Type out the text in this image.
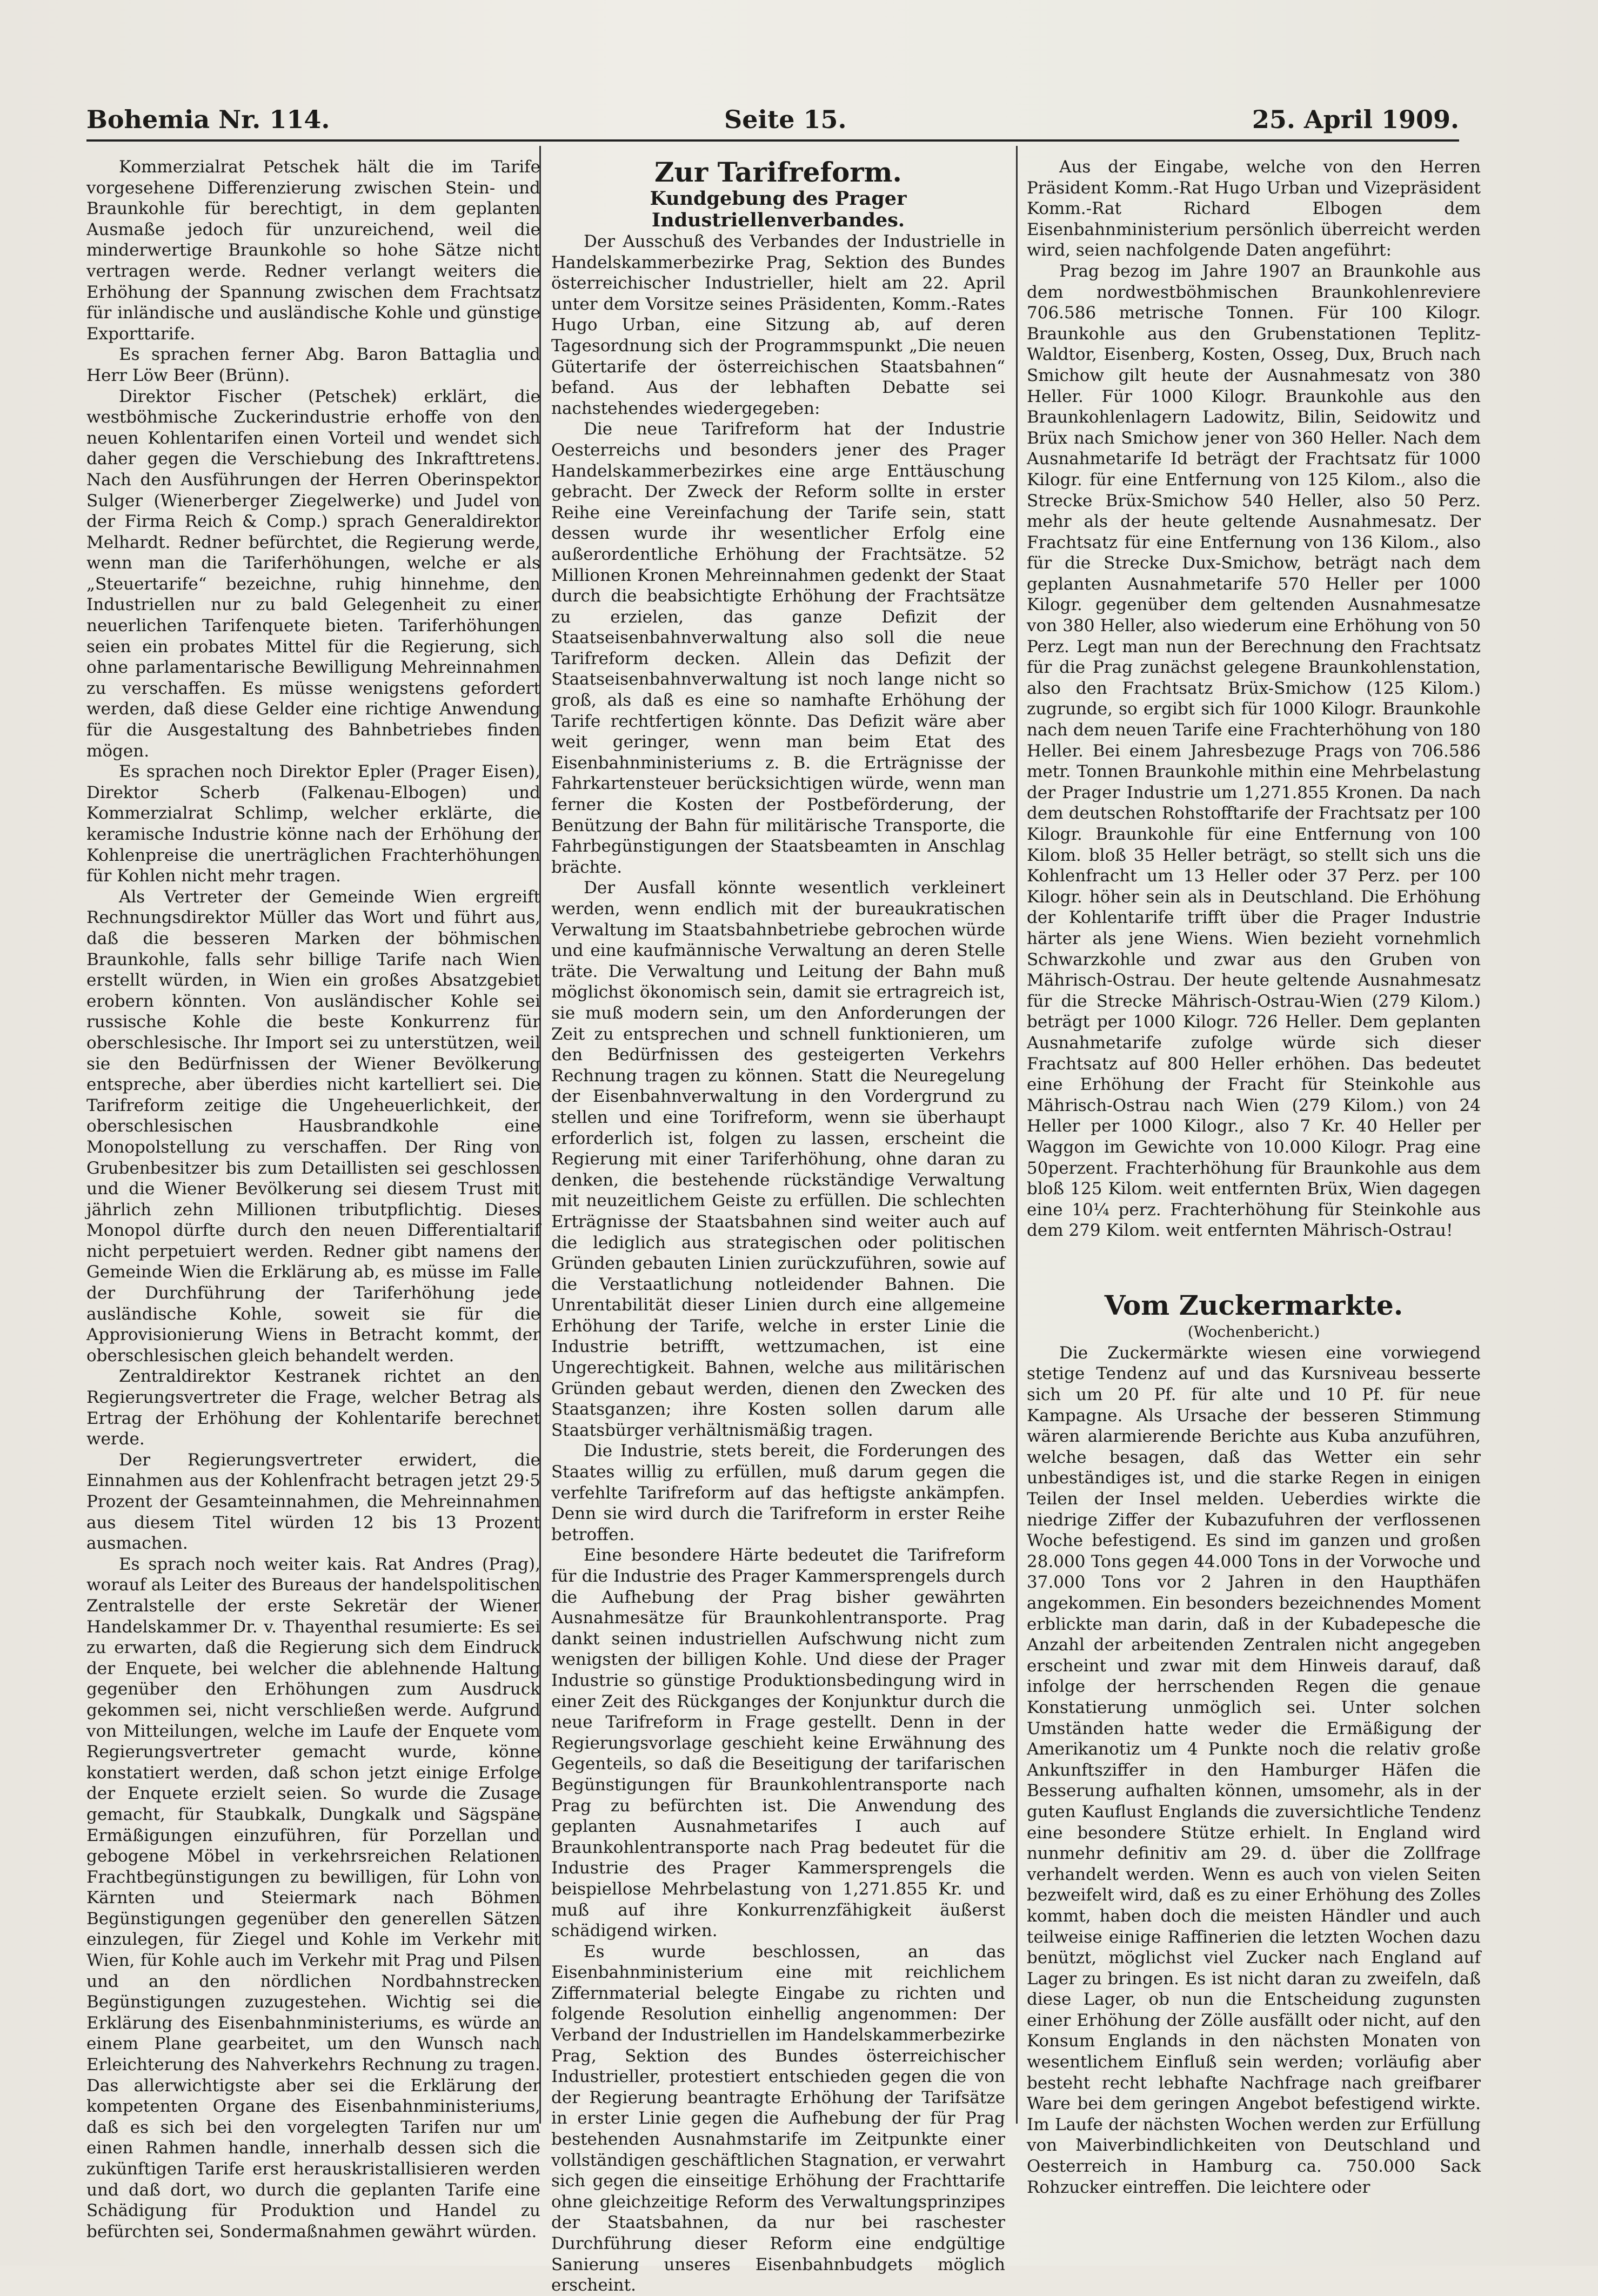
Bohemia Nr. 114.	Seite 15.	25. April 1909.

Kommerzialrat Petschek hält die im Tarife vorgesehene Differenzierung zwischen Stein- und Braunkohle für berechtigt, in dem geplanten Ausmaße jedoch für unzureichend, weil die minderwertige Braunkohle so hohe Sätze nicht vertragen werde. Redner verlangt weiters die Erhöhung der Spannung zwischen dem Frachtsatz für inländische und ausländische Kohle und günstige Exporttarife.

Es sprachen ferner Abg. Baron Battaglia und Herr Löw Beer (Brünn).

Direktor Fischer (Petschek) erklärt, die westböhmische Zuckerindustrie erhoffe von den neuen Kohlentarifen einen Vorteil und wendet sich daher gegen die Verschiebung des Inkrafttretens. Nach den Ausführungen der Herren Oberinspektor Sulger (Wienerberger Ziegelwerke) und Judel von der Firma Reich & Comp.) sprach Generaldirektor Melhardt. Redner befürchtet, die Regierung werde, wenn man die Tariferhöhungen, welche er als „Steuertarife“ bezeichne, ruhig hinnehme, den Industriellen nur zu bald Gelegenheit zu einer neuerlichen Tarifenquete bieten. Tariferhöhungen seien ein probates Mittel für die Regierung, sich ohne parlamentarische Bewilligung Mehreinnahmen zu verschaffen. Es müsse wenigstens gefordert werden, daß diese Gelder eine richtige Anwendung für die Ausgestaltung des Bahnbetriebes finden mögen.

Es sprachen noch Direktor Epler (Prager Eisen), Direktor Scherb (Falkenau-Elbogen) und Kommerzialrat Schlimp, welcher erklärte, die keramische Industrie könne nach der Erhöhung der Kohlenpreise die unerträglichen Frachterhöhungen für Kohlen nicht mehr tragen.

Als Vertreter der Gemeinde Wien ergreift Rechnungsdirektor Müller das Wort und führt aus, daß die besseren Marken der böhmischen Braunkohle, falls sehr billige Tarife nach Wien erstellt würden, in Wien ein großes Absatzgebiet erobern könnten. Von ausländischer Kohle sei russische Kohle die beste Konkurrenz für oberschlesische. Ihr Import sei zu unterstützen, weil sie den Bedürfnissen der Wiener Bevölkerung entspreche, aber überdies nicht kartelliert sei. Die Tarifreform zeitige die Ungeheuerlichkeit, der oberschlesischen Hausbrandkohle eine Monopolstellung zu verschaffen. Der Ring von Grubenbesitzer bis zum Detaillisten sei geschlossen und die Wiener Bevölkerung sei diesem Trust mit jährlich zehn Millionen tributpflichtig. Dieses Monopol dürfte durch den neuen Differentialtarif nicht perpetuiert werden. Redner gibt namens der Gemeinde Wien die Erklärung ab, es müsse im Falle der Durchführung der Tariferhöhung jede ausländische Kohle, soweit sie für die Approvisionierung Wiens in Betracht kommt, der oberschlesischen gleich behandelt werden.

Zentraldirektor Kestranek richtet an den Regierungsvertreter die Frage, welcher Betrag als Ertrag der Erhöhung der Kohlentarife berechnet werde.

Der Regierungsvertreter erwidert, die Einnahmen aus der Kohlenfracht betragen jetzt 29·5 Prozent der Gesamteinnahmen, die Mehreinnahmen aus diesem Titel würden 12 bis 13 Prozent ausmachen.

Es sprach noch weiter kais. Rat Andres (Prag), worauf als Leiter des Bureaus der handelspolitischen Zentralstelle der erste Sekretär der Wiener Handelskammer Dr. v. Thayenthal resumierte: Es sei zu erwarten, daß die Regierung sich dem Eindruck der Enquete, bei welcher die ablehnende Haltung gegenüber den Erhöhungen zum Ausdruck gekommen sei, nicht verschließen werde. Aufgrund von Mitteilungen, welche im Laufe der Enquete vom Regierungsvertreter gemacht wurde, könne konstatiert werden, daß schon jetzt einige Erfolge der Enquete erzielt seien. So wurde die Zusage gemacht, für Staubkalk, Dungkalk und Sägspäne Ermäßigungen einzuführen, für Porzellan und gebogene Möbel in verkehrsreichen Relationen Frachtbegünstigungen zu bewilligen, für Lohn von Kärnten und Steiermark nach Böhmen Begünstigungen gegenüber den generellen Sätzen einzulegen, für Ziegel und Kohle im Verkehr mit Wien, für Kohle auch im Verkehr mit Prag und Pilsen und an den nördlichen Nordbahnstrecken Begünstigungen zuzugestehen. Wichtig sei die Erklärung des Eisenbahnministeriums, es würde an einem Plane gearbeitet, um den Wunsch nach Erleichterung des Nahverkehrs Rechnung zu tragen. Das allerwichtigste aber sei die Erklärung der kompetenten Organe des Eisenbahnministeriums, daß es sich bei den vorgelegten Tarifen nur um einen Rahmen handle, innerhalb dessen sich die zukünftigen Tarife erst herauskristallisieren werden und daß dort, wo durch die geplanten Tarife eine Schädigung für Produktion und Handel zu befürchten sei, Sondermaßnahmen gewährt würden.

Zur Tarifreform.

Kundgebung des Prager Industriellenverbandes.

Der Ausschuß des Verbandes der Industrielle in Handelskammerbezirke Prag, Sektion des Bundes österreichischer Industrieller, hielt am 22. April unter dem Vorsitze seines Präsidenten, Komm.-Rates Hugo Urban, eine Sitzung ab, auf deren Tagesordnung sich der Programmspunkt „Die neuen Gütertarife der österreichischen Staatsbahnen“ befand. Aus der lebhaften Debatte sei nachstehendes wiedergegeben:

Die neue Tarifreform hat der Industrie Oesterreichs und besonders jener des Prager Handelskammerbezirkes eine arge Enttäuschung gebracht. Der Zweck der Reform sollte in erster Reihe eine Vereinfachung der Tarife sein, statt dessen wurde ihr wesentlicher Erfolg eine außerordentliche Erhöhung der Frachtsätze. 52 Millionen Kronen Mehreinnahmen gedenkt der Staat durch die beabsichtigte Erhöhung der Frachtsätze zu erzielen, das ganze Defizit der Staatseisenbahnverwaltung also soll die neue Tarifreform decken. Allein das Defizit der Staatseisenbahnverwaltung ist noch lange nicht so groß, als daß es eine so namhafte Erhöhung der Tarife rechtfertigen könnte. Das Defizit wäre aber weit geringer, wenn man beim Etat des Eisenbahnministeriums z. B. die Erträgnisse der Fahrkartensteuer berücksichtigen würde, wenn man ferner die Kosten der Postbeförderung, der Benützung der Bahn für militärische Transporte, die Fahrbegünstigungen der Staatsbeamten in Anschlag brächte.

Der Ausfall könnte wesentlich verkleinert werden, wenn endlich mit der bureaukratischen Verwaltung im Staatsbahnbetriebe gebrochen würde und eine kaufmännische Verwaltung an deren Stelle träte. Die Verwaltung und Leitung der Bahn muß möglichst ökonomisch sein, damit sie ertragreich ist, sie muß modern sein, um den Anforderungen der Zeit zu entsprechen und schnell funktionieren, um den Bedürfnissen des gesteigerten Verkehrs Rechnung tragen zu können. Statt die Neuregelung der Eisenbahnverwaltung in den Vordergrund zu stellen und eine Torifreform, wenn sie überhaupt erforderlich ist, folgen zu lassen, erscheint die Regierung mit einer Tariferhöhung, ohne daran zu denken, die bestehende rückständige Verwaltung mit neuzeitlichem Geiste zu erfüllen. Die schlechten Erträgnisse der Staatsbahnen sind weiter auch auf die lediglich aus strategischen oder politischen Gründen gebauten Linien zurückzuführen, sowie auf die Verstaatlichung notleidender Bahnen. Die Unrentabilität dieser Linien durch eine allgemeine Erhöhung der Tarife, welche in erster Linie die Industrie betrifft, wettzumachen, ist eine Ungerechtigkeit. Bahnen, welche aus militärischen Gründen gebaut werden, dienen den Zwecken des Staatsganzen; ihre Kosten sollen darum alle Staatsbürger verhältnismäßig tragen.

Die Industrie, stets bereit, die Forderungen des Staates willig zu erfüllen, muß darum gegen die verfehlte Tarifreform auf das heftigste ankämpfen. Denn sie wird durch die Tarifreform in erster Reihe betroffen.

Eine besondere Härte bedeutet die Tarifreform für die Industrie des Prager Kammersprengels durch die Aufhebung der Prag bisher gewährten Ausnahmesätze für Braunkohlentransporte. Prag dankt seinen industriellen Aufschwung nicht zum wenigsten der billigen Kohle. Und diese der Prager Industrie so günstige Produktionsbedingung wird in einer Zeit des Rückganges der Konjunktur durch die neue Tarifreform in Frage gestellt. Denn in der Regierungsvorlage geschieht keine Erwähnung des Gegenteils, so daß die Beseitigung der tarifarischen Begünstigungen für Braunkohlentransporte nach Prag zu befürchten ist. Die Anwendung des geplanten Ausnahmetarifes I auch auf Braunkohlentransporte nach Prag bedeutet für die Industrie des Prager Kammersprengels die beispiellose Mehrbelastung von 1,271.855 Kr. und muß auf ihre Konkurrenzfähigkeit äußerst schädigend wirken.

Es wurde beschlossen, an das Eisenbahnministerium eine mit reichlichem Ziffernmaterial belegte Eingabe zu richten und folgende Resolution einhellig angenommen: Der Verband der Industriellen im Handelskammerbezirke Prag, Sektion des Bundes österreichischer Industrieller, protestiert entschieden gegen die von der Regierung beantragte Erhöhung der Tarifsätze in erster Linie gegen die Aufhebung der für Prag bestehenden Ausnahmstarife im Zeitpunkte einer vollständigen geschäftlichen Stagnation, er verwahrt sich gegen die einseitige Erhöhung der Frachttarife ohne gleichzeitige Reform des Verwaltungsprinzipes der Staatsbahnen, da nur bei raschester Durchführung dieser Reform eine endgültige Sanierung unseres Eisenbahnbudgets möglich erscheint.

Aus der Eingabe, welche von den Herren Präsident Komm.-Rat Hugo Urban und Vizepräsident Komm.-Rat Richard Elbogen dem Eisenbahnministerium persönlich überreicht werden wird, seien nachfolgende Daten angeführt:

Prag bezog im Jahre 1907 an Braunkohle aus dem nordwestböhmischen Braunkohlenreviere 706.586 metrische Tonnen. Für 100 Kilogr. Braunkohle aus den Grubenstationen Teplitz-Waldtor, Eisenberg, Kosten, Osseg, Dux, Bruch nach Smichow gilt heute der Ausnahmesatz von 380 Heller. Für 1000 Kilogr. Braunkohle aus den Braunkohlenlagern Ladowitz, Bilin, Seidowitz und Brüx nach Smichow jener von 360 Heller. Nach dem Ausnahmetarife Id beträgt der Frachtsatz für 1000 Kilogr. für eine Entfernung von 125 Kilom., also die Strecke Brüx-Smichow 540 Heller, also 50 Perz. mehr als der heute geltende Ausnahmesatz. Der Frachtsatz für eine Entfernung von 136 Kilom., also für die Strecke Dux-Smichow, beträgt nach dem geplanten Ausnahmetarife 570 Heller per 1000 Kilogr. gegenüber dem geltenden Ausnahmesatze von 380 Heller, also wiederum eine Erhöhung von 50 Perz. Legt man nun der Berechnung den Frachtsatz für die Prag zunächst gelegene Braunkohlenstation, also den Frachtsatz Brüx-Smichow (125 Kilom.) zugrunde, so ergibt sich für 1000 Kilogr. Braunkohle nach dem neuen Tarife eine Frachterhöhung von 180 Heller. Bei einem Jahresbezuge Prags von 706.586 metr. Tonnen Braunkohle mithin eine Mehrbelastung der Prager Industrie um 1,271.855 Kronen. Da nach dem deutschen Rohstofftarife der Frachtsatz per 100 Kilogr. Braunkohle für eine Entfernung von 100 Kilom. bloß 35 Heller beträgt, so stellt sich uns die Kohlenfracht um 13 Heller oder 37 Perz. per 100 Kilogr. höher sein als in Deutschland. Die Erhöhung der Kohlentarife trifft über die Prager Industrie härter als jene Wiens. Wien bezieht vornehmlich Schwarzkohle und zwar aus den Gruben von Mährisch-Ostrau. Der heute geltende Ausnahmesatz für die Strecke Mährisch-Ostrau-Wien (279 Kilom.) beträgt per 1000 Kilogr. 726 Heller. Dem geplanten Ausnahmetarife zufolge würde sich dieser Frachtsatz auf 800 Heller erhöhen. Das bedeutet eine Erhöhung der Fracht für Steinkohle aus Mährisch-Ostrau nach Wien (279 Kilom.) von 24 Heller per 1000 Kilogr., also 7 Kr. 40 Heller per Waggon im Gewichte von 10.000 Kilogr. Prag eine 50perzent. Frachterhöhung für Braunkohle aus dem bloß 125 Kilom. weit entfernten Brüx, Wien dagegen eine 10¼ perz. Frachterhöhung für Steinkohle aus dem 279 Kilom. weit entfernten Mährisch-Ostrau!

Vom Zuckermarkte.

(Wochenbericht.)

Die Zuckermärkte wiesen eine vorwiegend stetige Tendenz auf und das Kursniveau besserte sich um 20 Pf. für alte und 10 Pf. für neue Kampagne. Als Ursache der besseren Stimmung wären alarmierende Berichte aus Kuba anzuführen, welche besagen, daß das Wetter ein sehr unbeständiges ist, und die starke Regen in einigen Teilen der Insel melden. Ueberdies wirkte die niedrige Ziffer der Kubazufuhren der verflossenen Woche befestigend. Es sind im ganzen und großen 28.000 Tons gegen 44.000 Tons in der Vorwoche und 37.000 Tons vor 2 Jahren in den Haupthäfen angekommen. Ein besonders bezeichnendes Moment erblickte man darin, daß in der Kubadepesche die Anzahl der arbeitenden Zentralen nicht angegeben erscheint und zwar mit dem Hinweis darauf, daß infolge der herrschenden Regen die genaue Konstatierung unmöglich sei. Unter solchen Umständen hatte weder die Ermäßigung der Amerikanotiz um 4 Punkte noch die relativ große Ankunftsziffer in den Hamburger Häfen die Besserung aufhalten können, umsomehr, als in der guten Kauflust Englands die zuversichtliche Tendenz eine besondere Stütze erhielt. In England wird nunmehr definitiv am 29. d. über die Zollfrage verhandelt werden. Wenn es auch von vielen Seiten bezweifelt wird, daß es zu einer Erhöhung des Zolles kommt, haben doch die meisten Händler und auch teilweise einige Raffinerien die letzten Wochen dazu benützt, möglichst viel Zucker nach England auf Lager zu bringen. Es ist nicht daran zu zweifeln, daß diese Lager, ob nun die Entscheidung zugunsten einer Erhöhung der Zölle ausfällt oder nicht, auf den Konsum Englands in den nächsten Monaten von wesentlichem Einfluß sein werden; vorläufig aber besteht recht lebhafte Nachfrage nach greifbarer Ware bei dem geringen Angebot befestigend wirkte. Im Laufe der nächsten Wochen werden zur Erfüllung von Maiverbindlichkeiten von Deutschland und Oesterreich in Hamburg ca. 750.000 Sack Rohzucker eintreffen. Die leichtere oder
